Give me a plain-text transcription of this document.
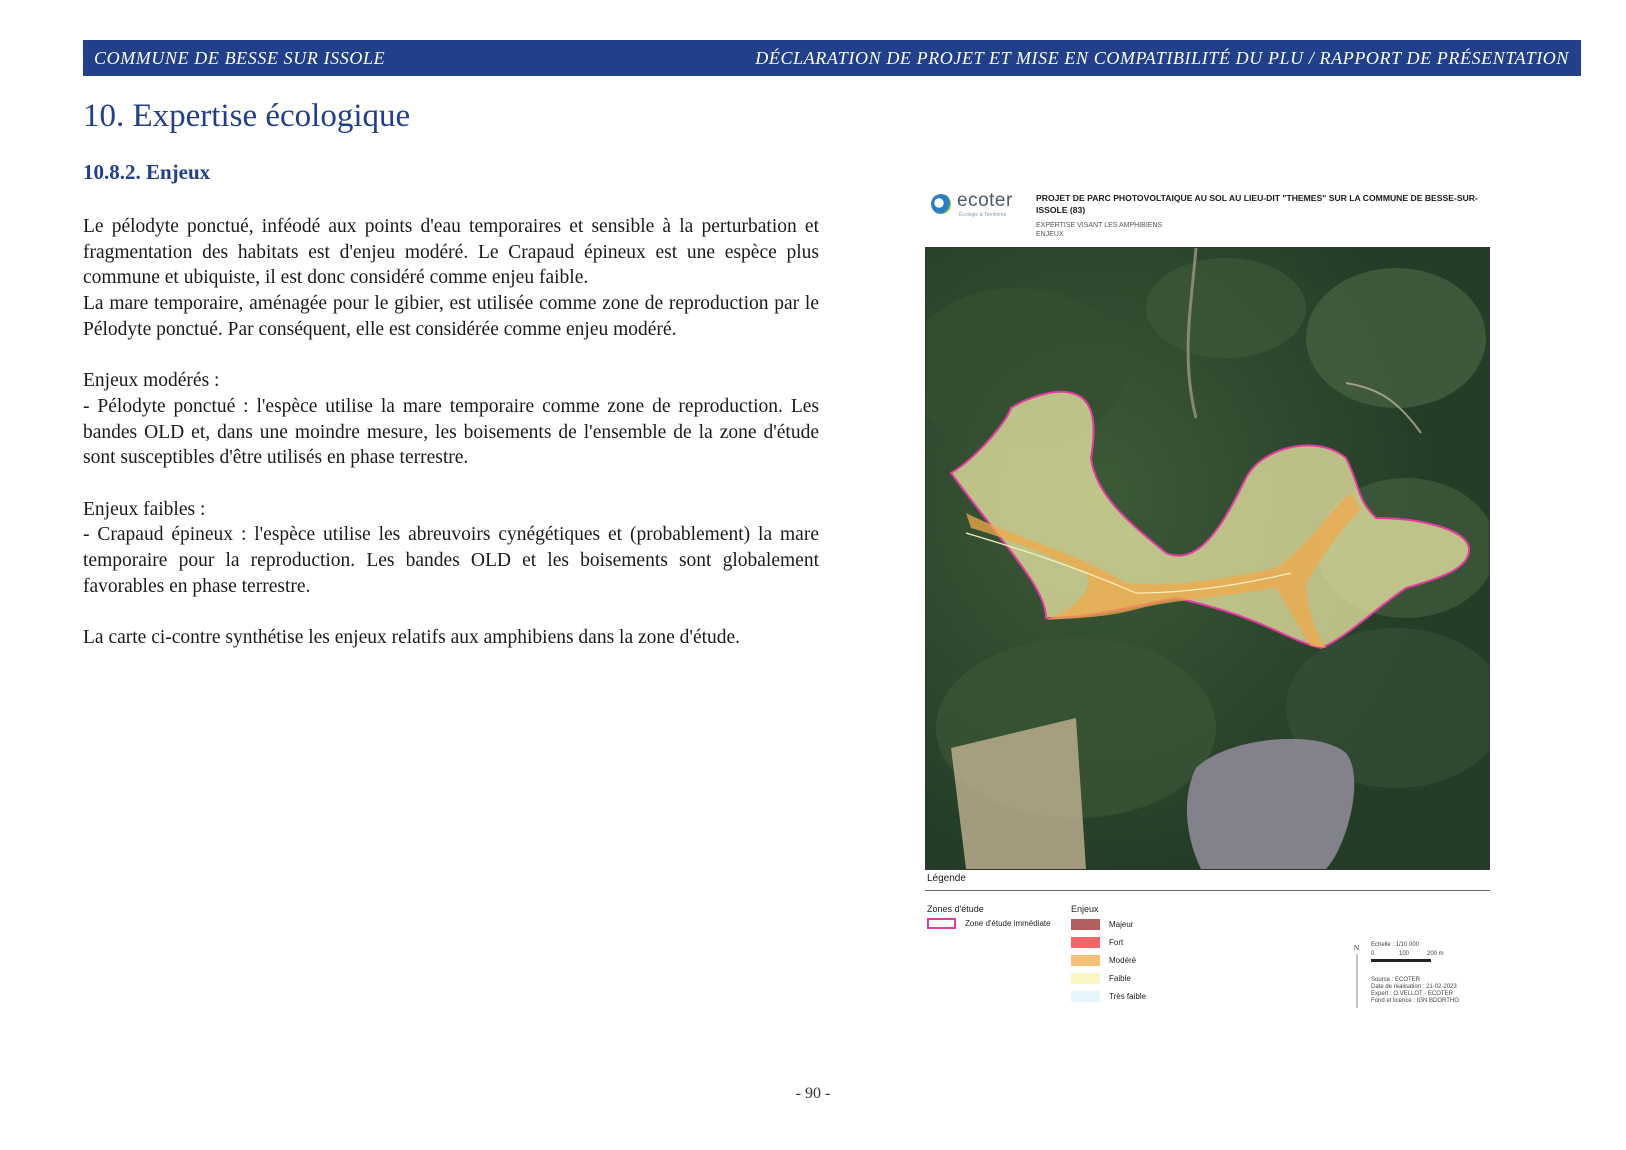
COMMUNE DE BESSE SUR ISSOLE	DÉCLARATION DE PROJET ET MISE EN COMPATIBILITÉ DU PLU / RAPPORT DE PRÉSENTATION
10. Expertise écologique
10.8.2. Enjeux

Le pélodyte ponctué, inféodé aux points d'eau temporaires et sensible à la perturbation et fragmentation des habitats est d'enjeu modéré. Le Crapaud épineux est une espèce plus commune et ubiquiste, il est donc considéré comme enjeu faible.

La mare temporaire, aménagée pour le gibier, est utilisée comme zone de reproduction par le Pélodyte ponctué. Par conséquent, elle est considérée comme enjeu modéré.

Enjeux modérés :

- Pélodyte ponctué : l'espèce utilise la mare temporaire comme zone de reproduction. Les bandes OLD et, dans une moindre mesure, les boisements de l'ensemble de la zone d'étude sont susceptibles d'être utilisés en phase terrestre.

Enjeux faibles :

- Crapaud épineux : l'espèce utilise les abreuvoirs cynégétiques et (probablement) la mare temporaire pour la reproduction. Les bandes OLD et les boisements sont globalement favorables en phase terrestre.

La carte ci-contre synthétise les enjeux relatifs aux amphibiens dans la zone d'étude.

ecoter
Écologie & Territoires
PROJET DE PARC PHOTOVOLTAIQUE AU SOL AU LIEU-DIT "THEMES" SUR LA COMMUNE DE BESSE-SUR-ISSOLE (83)
EXPERTISE VISANT LES AMPHIBIENS
ENJEUX
Légende
Zones d'étude
Zone d'étude immédiate
Enjeux
Majeur
Fort
Modéré
Faible
Très faible
N Echelle : 1/10 000
0	100	200 m
Source : ECOTER
Date de réalisation : 21-02-2023
Expert : O.VELLOT - ECOTER
Fond et licence : IGN BDORTHO
- 90 -
